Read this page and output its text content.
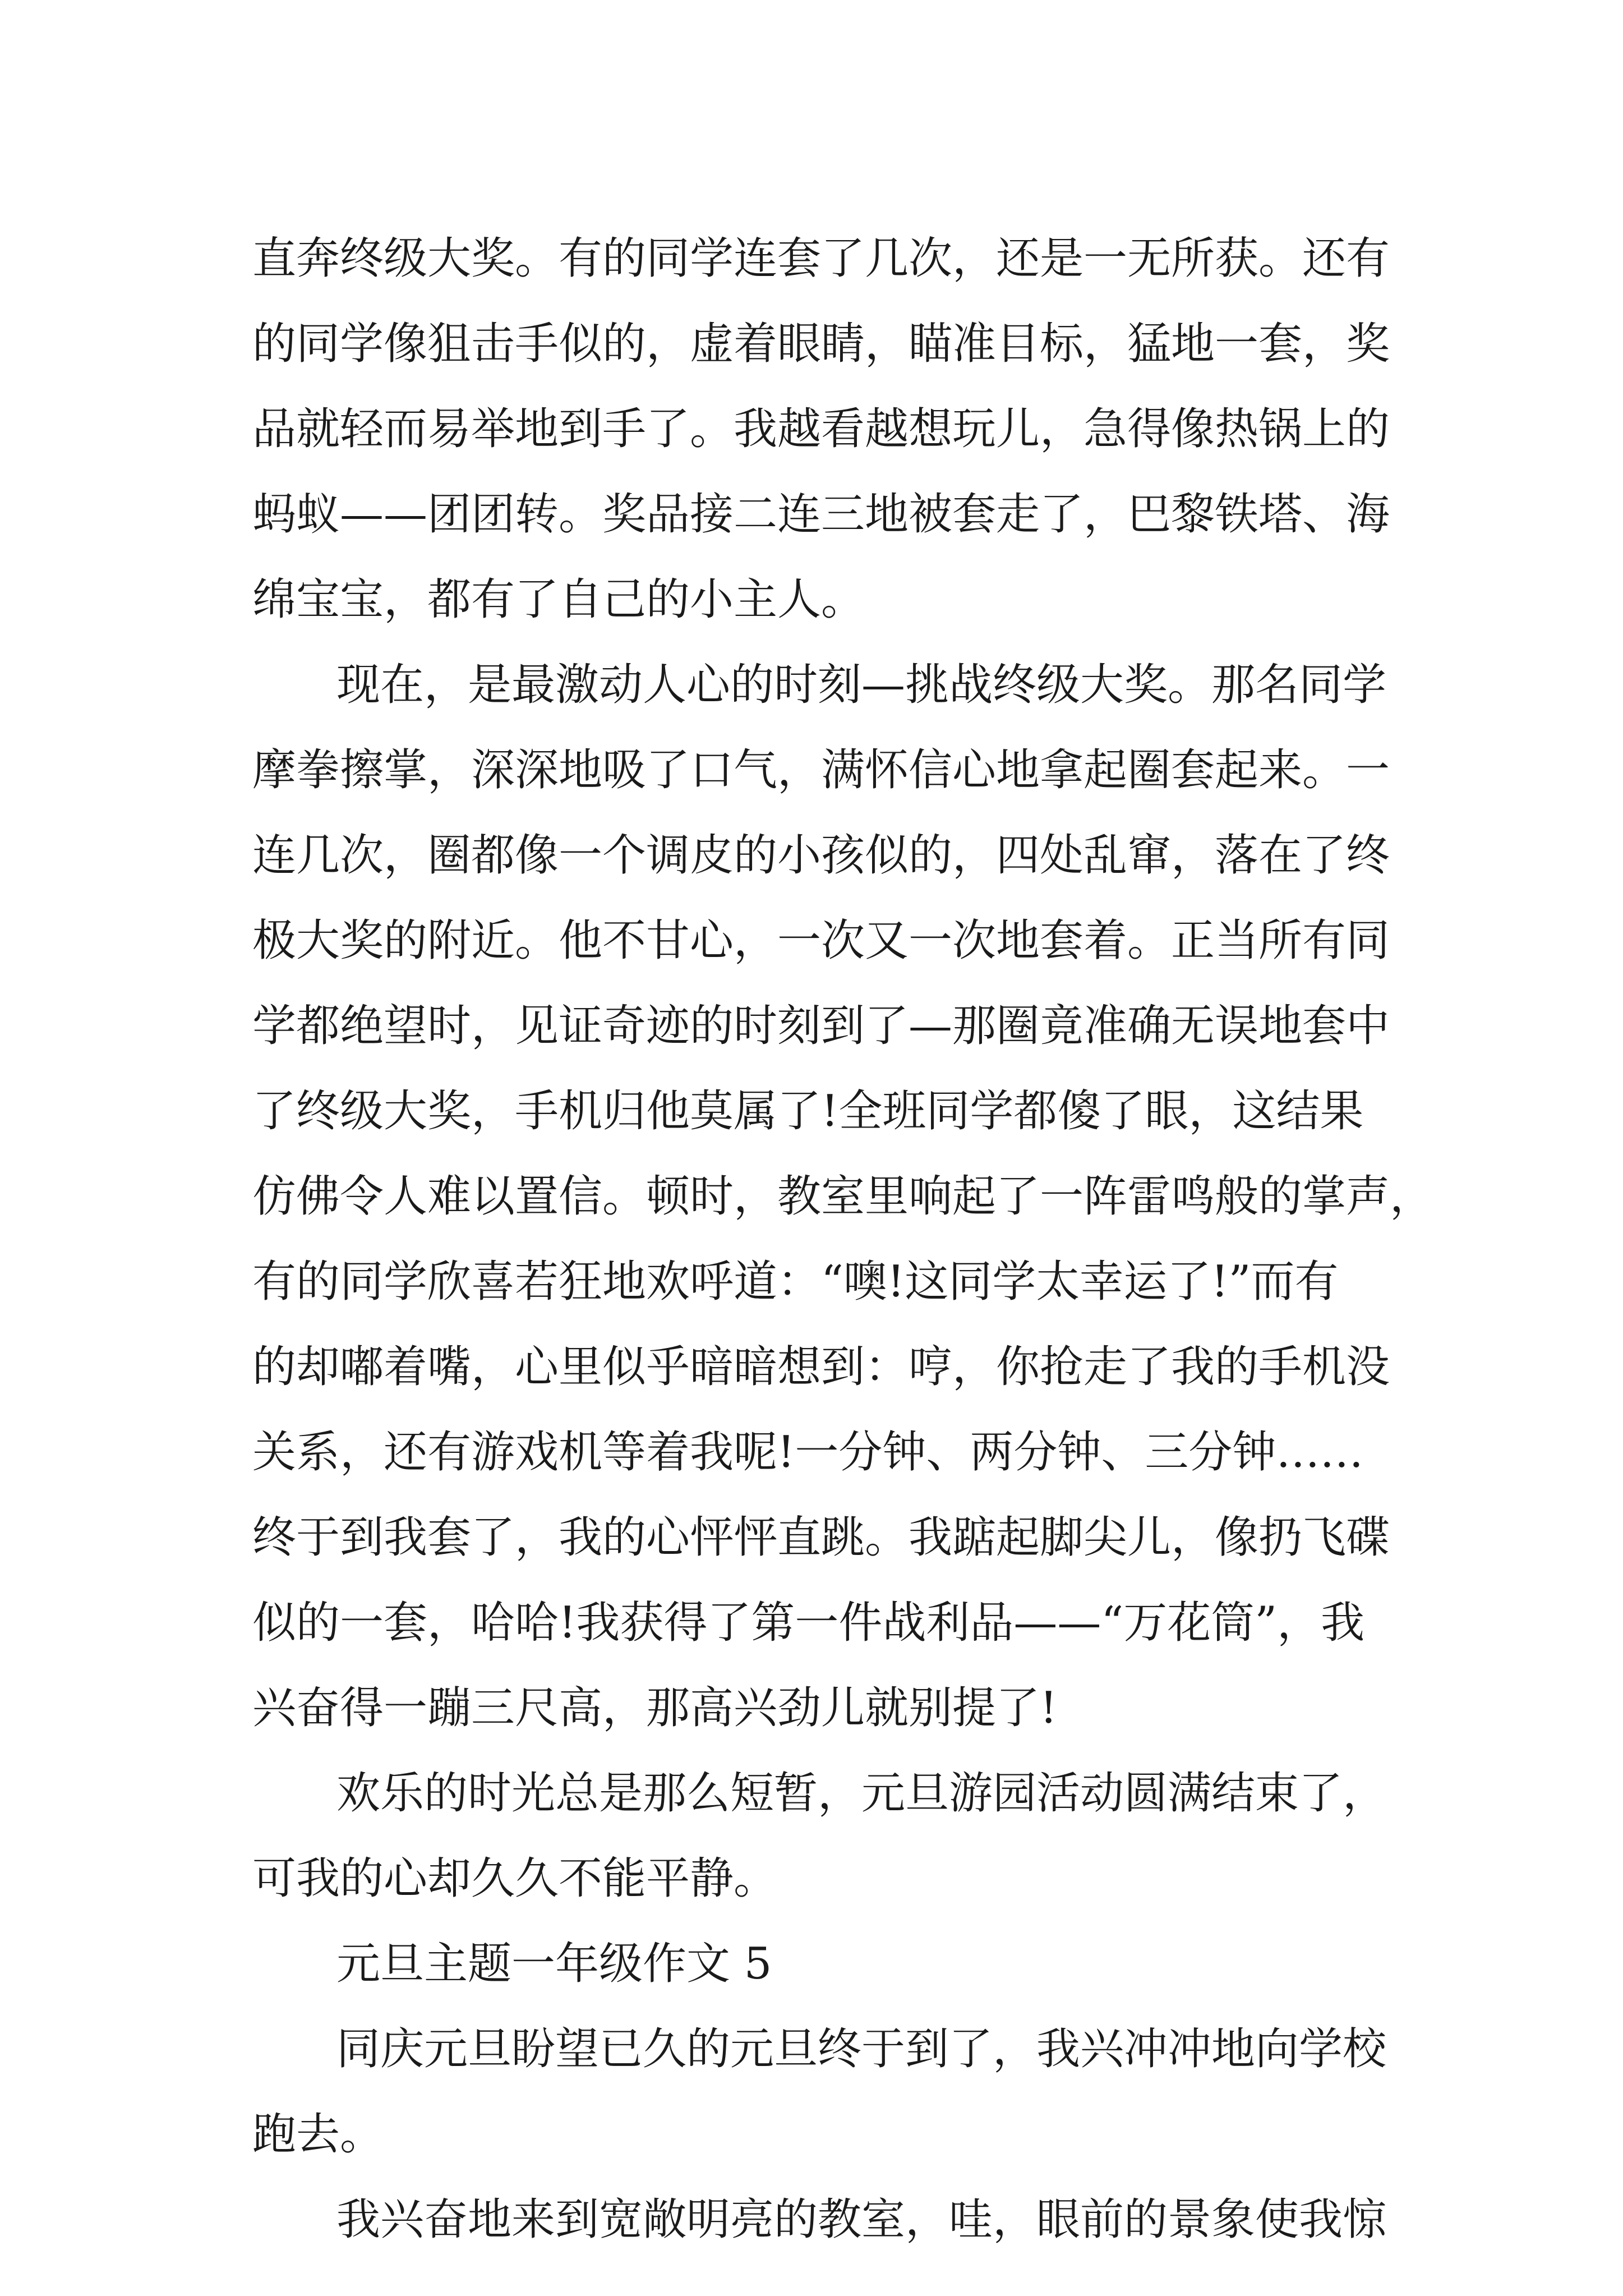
直奔终级大奖。有的同学连套了几次，还是一无所获。还有
的同学像狙击手似的，虚着眼睛，瞄准目标，猛地一套，奖
品就轻而易举地到手了。我越看越想玩儿，急得像热锅上的
蚂蚁——团团转。奖品接二连三地被套走了，巴黎铁塔、海
绵宝宝，都有了自己的小主人。
现在，是最激动人心的时刻—挑战终级大奖。那名同学
摩拳擦掌，深深地吸了口气，满怀信心地拿起圈套起来。一
连几次，圈都像一个调皮的小孩似的，四处乱窜，落在了终
极大奖的附近。他不甘心，一次又一次地套着。正当所有同
学都绝望时，见证奇迹的时刻到了—那圈竟准确无误地套中
了终级大奖，手机归他莫属了!全班同学都傻了眼，这结果
仿佛令人难以置信。顿时，教室里响起了一阵雷鸣般的掌声，
有的同学欣喜若狂地欢呼道：“噢!这同学太幸运了!”而有
的却嘟着嘴，心里似乎暗暗想到：哼，你抢走了我的手机没
关系，还有游戏机等着我呢!一分钟、两分钟、三分钟……
终于到我套了，我的心怦怦直跳。我踮起脚尖儿，像扔飞碟
似的一套，哈哈!我获得了第一件战利品——“万花筒”，我
兴奋得一蹦三尺高，那高兴劲儿就别提了!
欢乐的时光总是那么短暂，元旦游园活动圆满结束了，
可我的心却久久不能平静。
元旦主题一年级作文 5
同庆元旦盼望已久的元旦终于到了，我兴冲冲地向学校
跑去。
我兴奋地来到宽敞明亮的教室，哇，眼前的景象使我惊
